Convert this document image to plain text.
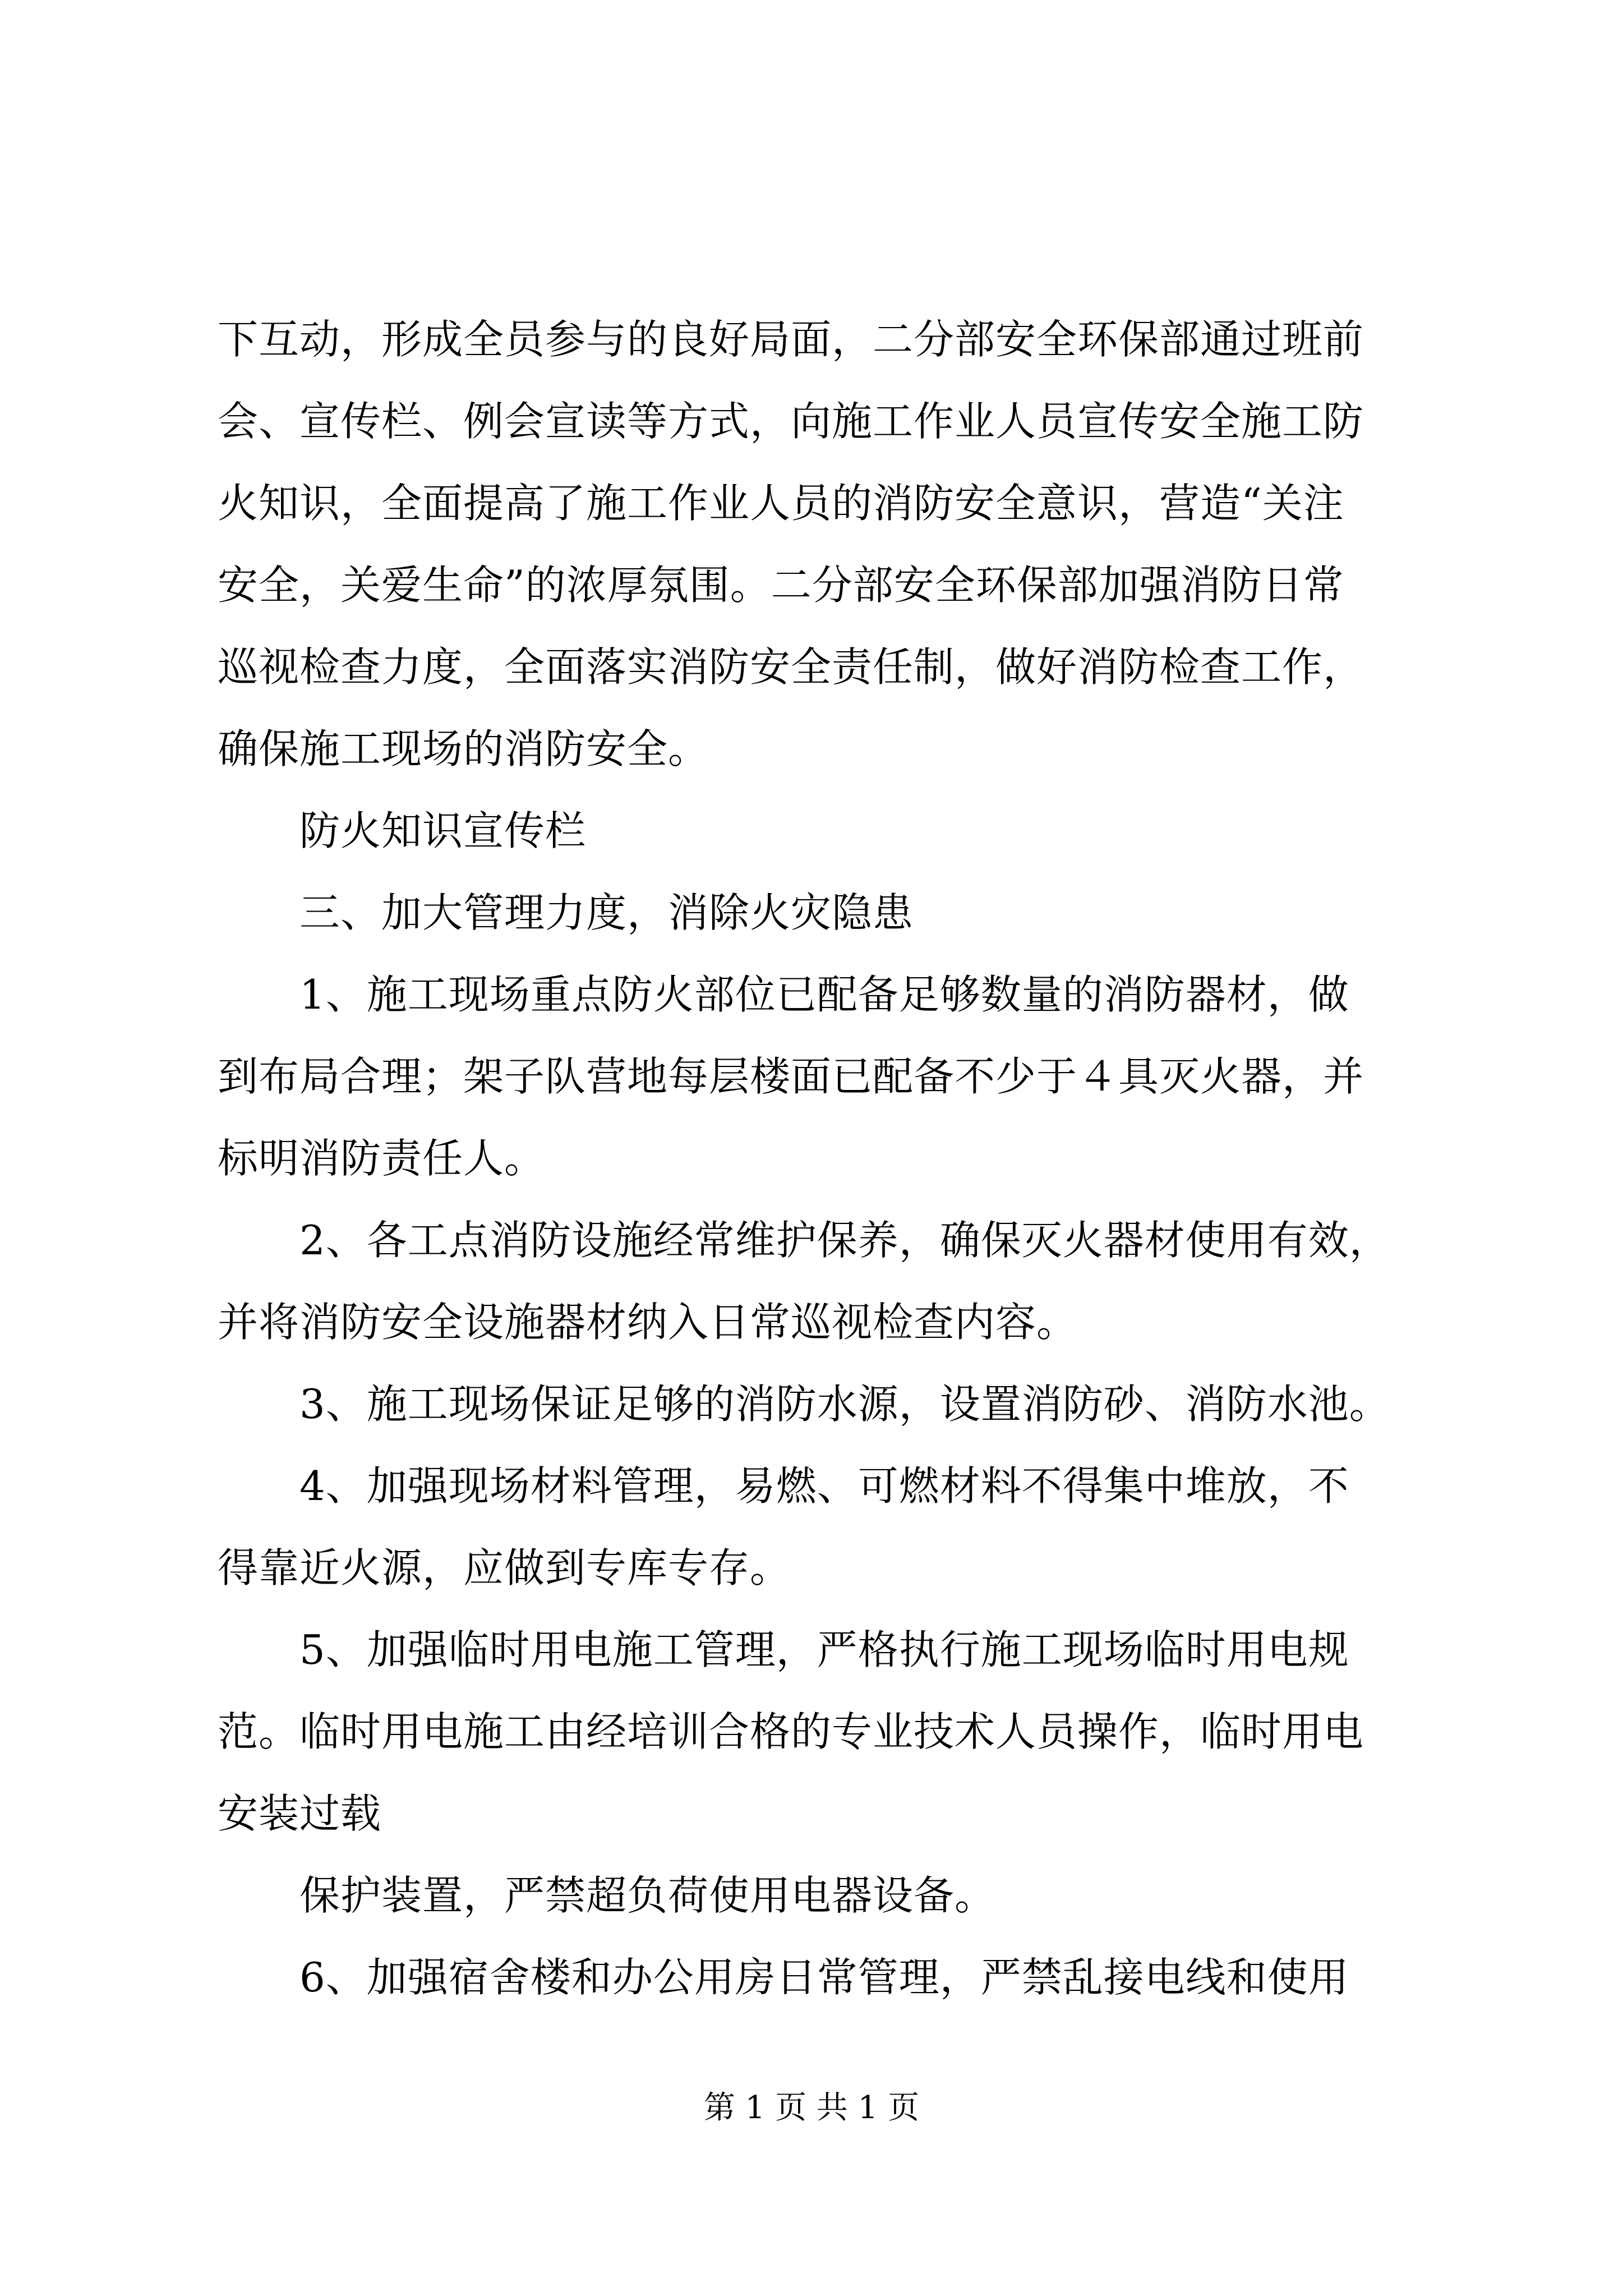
下互动，形成全员参与的良好局面，二分部安全环保部通过班前
会、宣传栏、例会宣读等方式，向施工作业人员宣传安全施工防
火知识，全面提高了施工作业人员的消防安全意识，营造“关注
安全，关爱生命”的浓厚氛围。二分部安全环保部加强消防日常
巡视检查力度，全面落实消防安全责任制，做好消防检查工作，
确保施工现场的消防安全。
防火知识宣传栏
三、加大管理力度，消除火灾隐患
1、施工现场重点防火部位已配备足够数量的消防器材，做
到布局合理；架子队营地每层楼面已配备不少于４具灭火器，并
标明消防责任人。
2、各工点消防设施经常维护保养，确保灭火器材使用有效，
并将消防安全设施器材纳入日常巡视检查内容。
3、施工现场保证足够的消防水源，设置消防砂、消防水池。
4、加强现场材料管理，易燃、可燃材料不得集中堆放，不
得靠近火源，应做到专库专存。
5、加强临时用电施工管理，严格执行施工现场临时用电规
范。临时用电施工由经培训合格的专业技术人员操作，临时用电
安装过载
保护装置，严禁超负荷使用电器设备。
6、加强宿舍楼和办公用房日常管理，严禁乱接电线和使用
第 1 页 共 1 页
